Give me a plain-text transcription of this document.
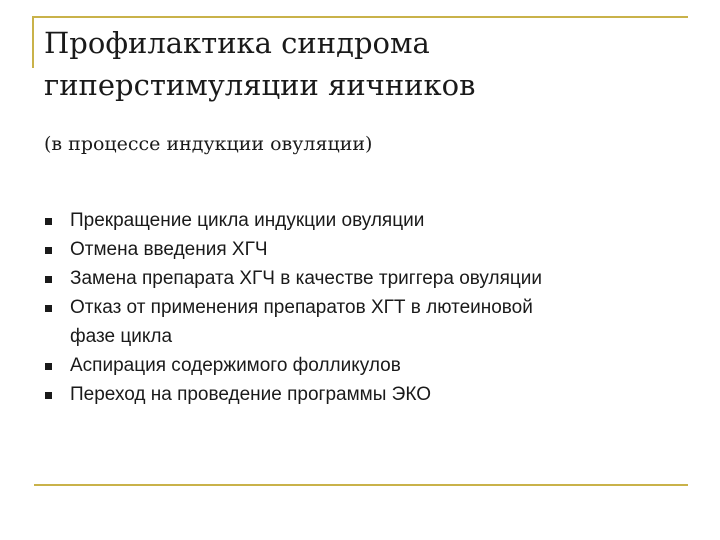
Профилактика синдрома
гиперстимуляции яичников
(в процессе индукции овуляции)
Прекращение цикла индукции овуляции
Отмена введения ХГЧ
Замена препарата ХГЧ в качестве триггера овуляции
Отказ от применения препаратов ХГТ в лютеиновой
фазе цикла
Аспирация содержимого фолликулов
Переход на проведение программы ЭКО
